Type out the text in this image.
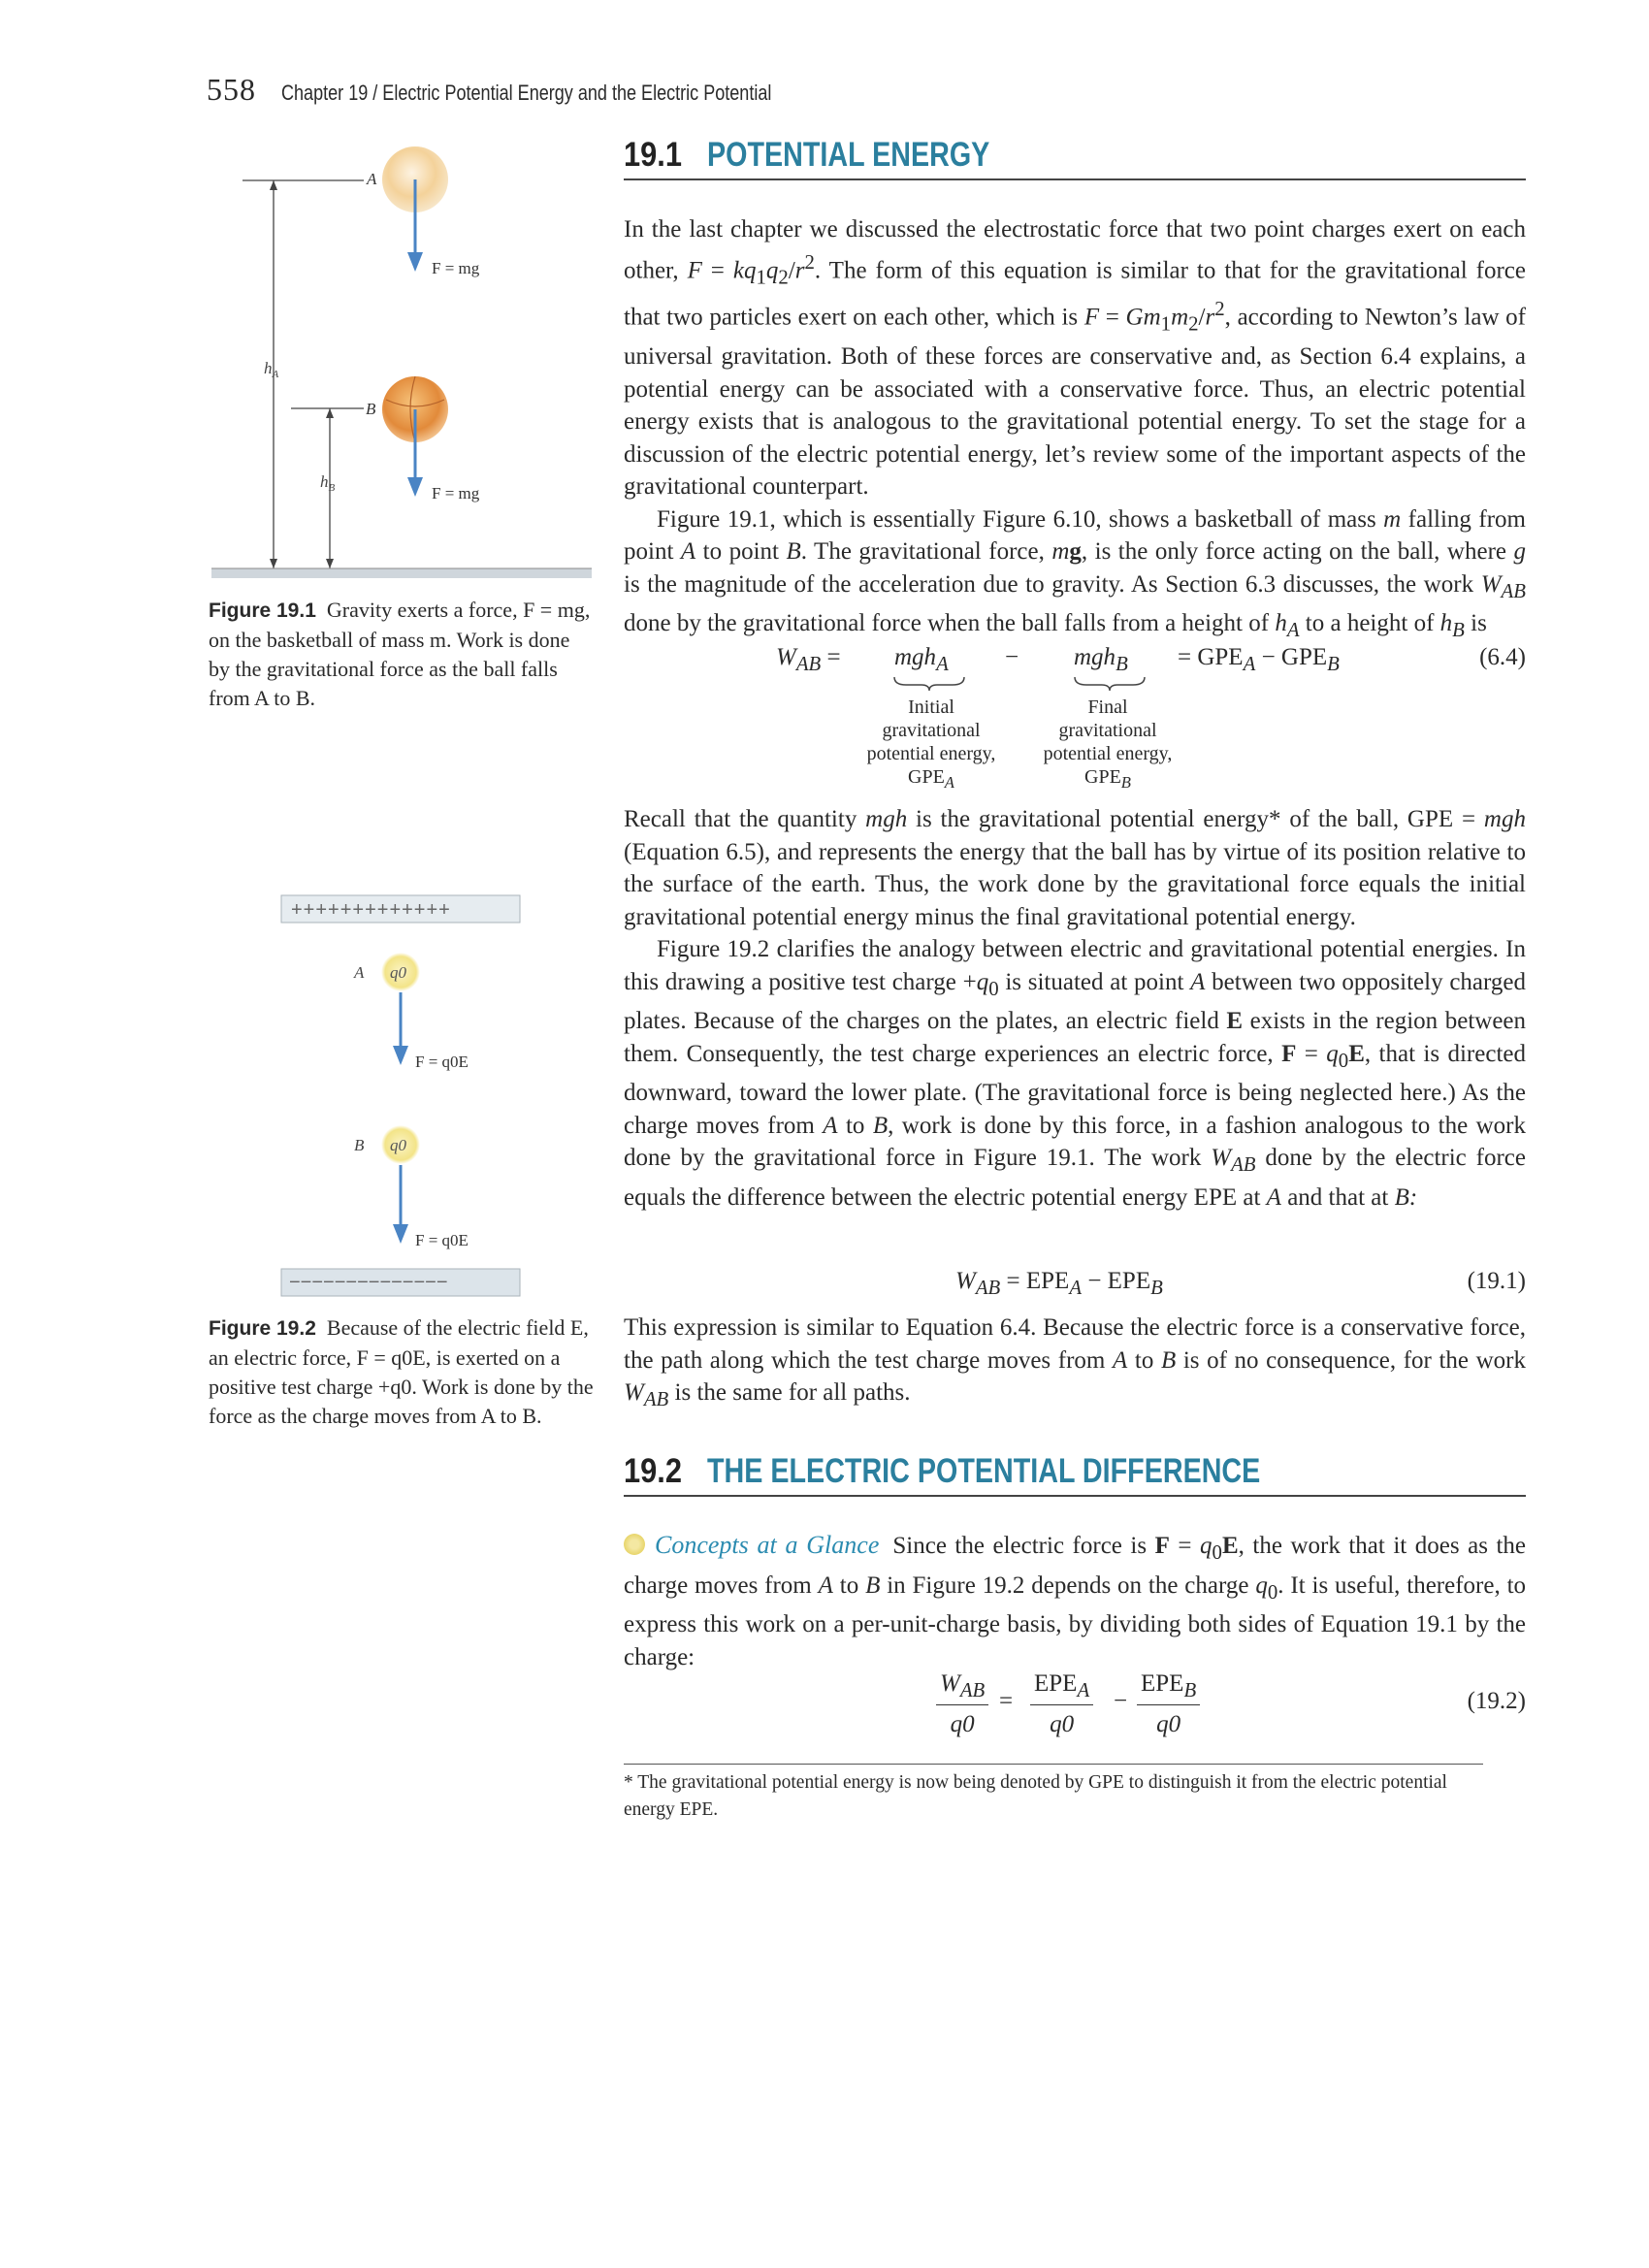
558 Chapter 19 / Electric Potential Energy and the Electric Potential
19.1 POTENTIAL ENERGY

In the last chapter we discussed the electrostatic force that two point charges exert on each other, $F = kq_1q_2/r^2$. The form of this equation is similar to that for the gravitational force that two particles exert on each other, which is $F = Gm_1m_2/r^2$, according to Newton’s law of universal gravitation. Both of these forces are conservative and, as Section 6.4 explains, a potential energy can be associated with a conservative force. Thus, an electric potential energy exists that is analogous to the gravitational potential energy. To set the stage for a discussion of the electric potential energy, let’s review some of the important aspects of the gravitational counterpart.

Figure 19.1, which is essentially Figure 6.10, shows a basketball of mass m falling from point A to point B. The gravitational force, mg, is the only force acting on the ball, where g is the magnitude of the acceleration due to gravity. As Section 6.3 discusses, the work $W_{AB}$ done by the gravitational force when the ball falls from a height of $h_A$ to a height of $h_B$ is

$W_{AB} = mgh_A - mgh_B = GPE_A - GPE_B$	(6.4)
Initial
gravitational
potential energy,
$GPE_A$
Final
gravitational
potential energy,
$GPE_B$

Recall that the quantity mgh is the gravitational potential energy* of the ball, GPE = mgh (Equation 6.5), and represents the energy that the ball has by virtue of its position relative to the surface of the earth. Thus, the work done by the gravitational force equals the initial gravitational potential energy minus the final gravitational potential energy.

Figure 19.2 clarifies the analogy between electric and gravitational potential energies. In this drawing a positive test charge $+q_0$ is situated at point A between two oppositely charged plates. Because of the charges on the plates, an electric field E exists in the region between them. Consequently, the test charge experiences an electric force, $F = q_0E$, that is directed downward, toward the lower plate. (The gravitational force is being neglected here.) As the charge moves from A to B, work is done by this force, in a fashion analogous to the work done by the gravitational force in Figure 19.1. The work $W_{AB}$ done by the electric force equals the difference between the electric potential energy EPE at A and that at B:

$W_{AB} = EPE_A - EPE_B$	(19.1)

This expression is similar to Equation 6.4. Because the electric force is a conservative force, the path along which the test charge moves from A to B is of no consequence, for the work $W_{AB}$ is the same for all paths.

19.2 THE ELECTRIC POTENTIAL DIFFERENCE

Concepts at a Glance Since the electric force is $F = q_0E$, the work that it does as the charge moves from A to B in Figure 19.2 depends on the charge $q_0$. It is useful, therefore, to express this work on a per-unit-charge basis, by dividing both sides of Equation 19.1 by the charge:

$W_{AB}$
q0
=
$EPE_A$
q0
−
$EPE_B$
q0
(19.2)
* The gravitational potential energy is now being denoted by GPE to distinguish it from the electric potential energy EPE.
A
F = mg
$h_A$
B
$h_B$	F = mg
Figure 19.1 Gravity exerts a force, F = mg, on the basketball of mass m. Work is done by the gravitational force as the ball falls from A to B.
+++++++++++++
q0
A
F = q0E
q0
B
F = q0E
−−−−−−−−−−−−−−
Figure 19.2 Because of the electric field E, an electric force, F = q0E, is exerted on a positive test charge +q0. Work is done by the force as the charge moves from A to B.
